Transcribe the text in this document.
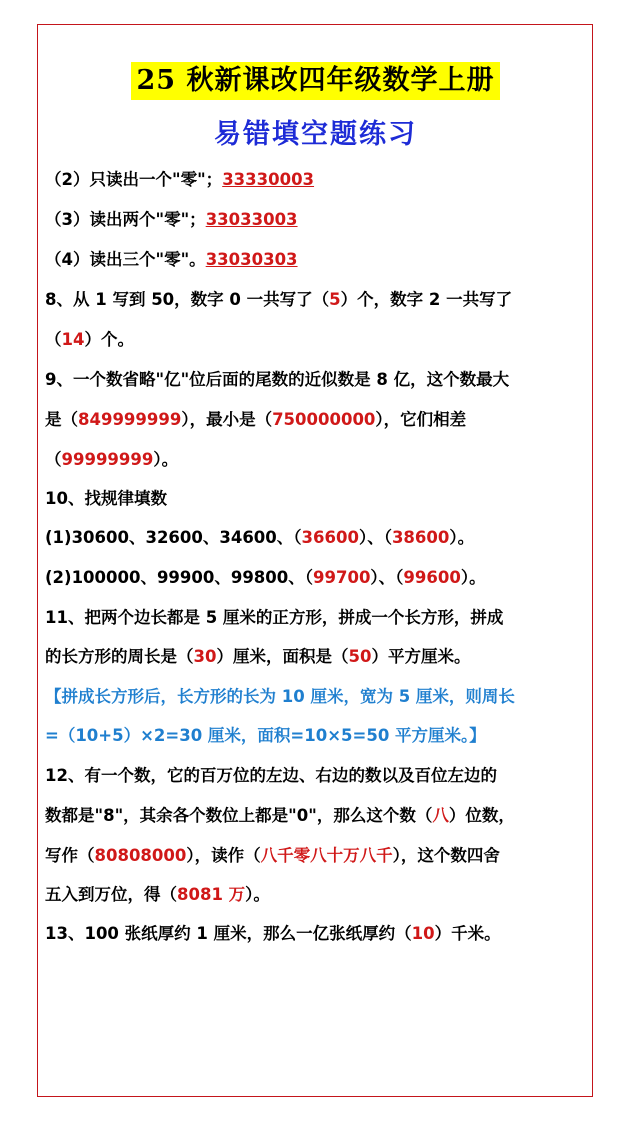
25 秋新课改四年级数学上册
易错填空题练习
（2）只读出一个"零"；33330003
（3）读出两个"零"；33033003
（4）读出三个"零"。33030303
8、从 1 写到 50，数字 0 一共写了（5）个，数字 2 一共写了
（14）个。
9、一个数省略"亿"位后面的尾数的近似数是 8 亿，这个数最大
是（849999999），最小是（750000000），它们相差
（99999999）。
10、找规律填数
(1)30600、32600、34600、（36600）、（38600）。
(2)100000、99900、99800、（99700）、（99600）。
11、把两个边长都是 5 厘米的正方形，拼成一个长方形，拼成
的长方形的周长是（30）厘米，面积是（50）平方厘米。
【拼成长方形后，长方形的长为 10 厘米，宽为 5 厘米，则周长
=（10+5）×2=30 厘米，面积=10×5=50 平方厘米。】
12、有一个数，它的百万位的左边、右边的数以及百位左边的
数都是"8"，其余各个数位上都是"0"，那么这个数（八）位数，
写作（80808000），读作（八千零八十万八千），这个数四舍
五入到万位，得（8081 万）。
13、100 张纸厚约 1 厘米，那么一亿张纸厚约（10）千米。
